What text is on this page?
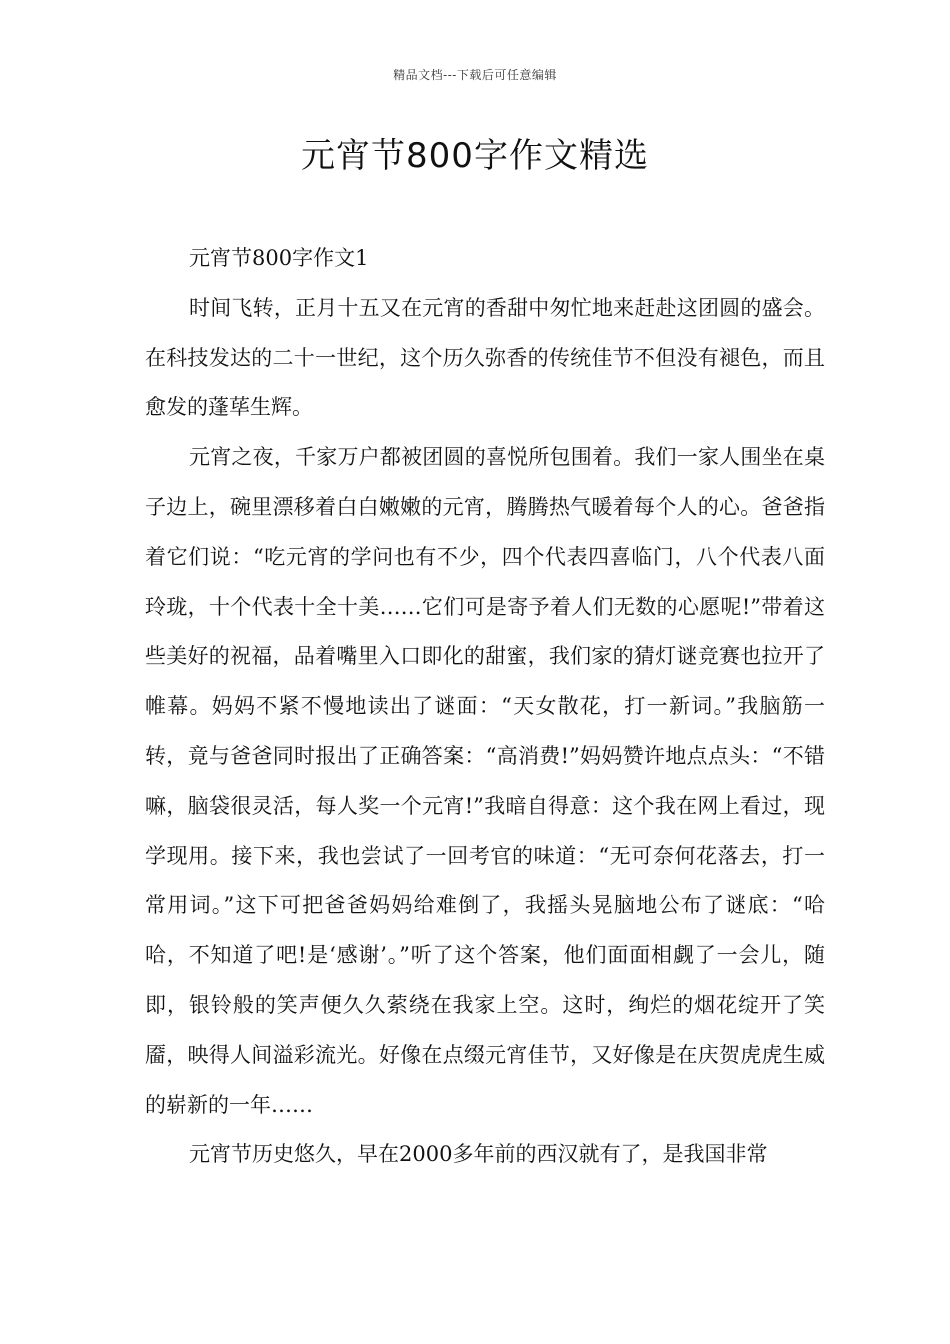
精品文档---下载后可任意编辑
元宵节800字作文精选

元宵节800字作文1

时间飞转，正月十五又在元宵的香甜中匆忙地来赶赴这团圆的盛会。在科技发达的二十一世纪，这个历久弥香的传统佳节不但没有褪色，而且愈发的蓬荜生辉。

元宵之夜，千家万户都被团圆的喜悦所包围着。我们一家人围坐在桌子边上，碗里漂移着白白嫩嫩的元宵，腾腾热气暖着每个人的心。爸爸指着它们说：“吃元宵的学问也有不少，四个代表四喜临门，八个代表八面玲珑，十个代表十全十美……它们可是寄予着人们无数的心愿呢!”带着这些美好的祝福，品着嘴里入口即化的甜蜜，我们家的猜灯谜竞赛也拉开了帷幕。妈妈不紧不慢地读出了谜面：“天女散花，打一新词。”我脑筋一转，竟与爸爸同时报出了正确答案：“高消费!”妈妈赞许地点点头：“不错嘛，脑袋很灵活，每人奖一个元宵!”我暗自得意：这个我在网上看过，现学现用。接下来，我也尝试了一回考官的味道：“无可奈何花落去，打一常用词。”这下可把爸爸妈妈给难倒了，我摇头晃脑地公布了谜底：“哈哈，不知道了吧!是‘感谢’。”听了这个答案，他们面面相觑了一会儿，随即，银铃般的笑声便久久萦绕在我家上空。这时，绚烂的烟花绽开了笑靥，映得人间溢彩流光。好像在点缀元宵佳节，又好像是在庆贺虎虎生威的崭新的一年……

元宵节历史悠久，早在2000多年前的西汉就有了，是我国非常
